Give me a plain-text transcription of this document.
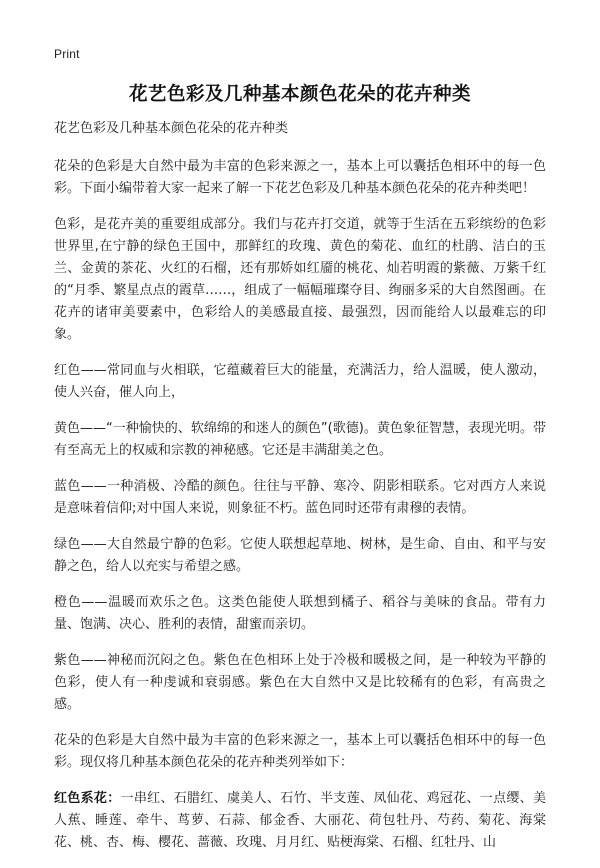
Print
花艺色彩及几种基本颜色花朵的花卉种类

花艺色彩及几种基本颜色花朵的花卉种类

花朵的色彩是大自然中最为丰富的色彩来源之一，基本上可以囊括色相环中的每一色彩。下面小编带着大家一起来了解一下花艺色彩及几种基本颜色花朵的花卉种类吧！

色彩，是花卉美的重要组成部分。我们与花卉打交道，就等于生活在五彩缤纷的色彩世界里,在宁静的绿色王国中，那鲜红的玫瑰、黄色的菊花、血红的杜鹃、洁白的玉兰、金黄的茶花、火红的石榴，还有那娇如红靥的桃花、灿若明霞的紫薇、万紫千红的“月季、繁星点点的霞草……，组成了一幅幅璀璨夺目、绚丽多采的大自然图画。在花卉的诸审美要素中，色彩给人的美感最直接、最强烈，因而能给人以最难忘的印象。

红色——常同血与火相联，它蕴藏着巨大的能量，充满活力，给人温暖，使人激动，使人兴奋，催人向上，

黄色——“一种愉快的、软绵绵的和迷人的颜色”(歌德)。黄色象征智慧，表现光明。带有至高无上的权威和宗教的神秘感。它还是丰满甜美之色。

蓝色——一种消极、冷酷的颜色。往往与平静、寒冷、阴影相联系。它对西方人来说是意味着信仰;对中国人来说，则象征不朽。蓝色同时还带有肃穆的表情。

绿色——大自然最宁静的色彩。它使人联想起草地、树林，是生命、自由、和平与安静之色，给人以充实与希望之感。

橙色——温暖而欢乐之色。这类色能使人联想到橘子、稻谷与美味的食品。带有力量、饱满、决心、胜利的表情，甜蜜而亲切。

紫色——神秘而沉闷之色。紫色在色相环上处于冷极和暖极之间，是一种较为平静的色彩，使人有一种虔诚和衰弱感。紫色在大自然中又是比较稀有的色彩，有高贵之感。

花朵的色彩是大自然中最为丰富的色彩来源之一，基本上可以囊括色相环中的每一色彩。现仅将几种基本颜色花朵的花卉种类列举如下：

红色系花：一串红、石腊红、虞美人、石竹、半支莲、凤仙花、鸡冠花、一点缨、美人蕉、睡莲、牵牛、茑萝、石蒜、郁金香、大丽花、荷包牡丹、芍药、菊花、海棠花、桃、杏、梅、樱花、蔷薇、玫瑰、月月红、贴梗海棠、石榴、红牡丹、山
